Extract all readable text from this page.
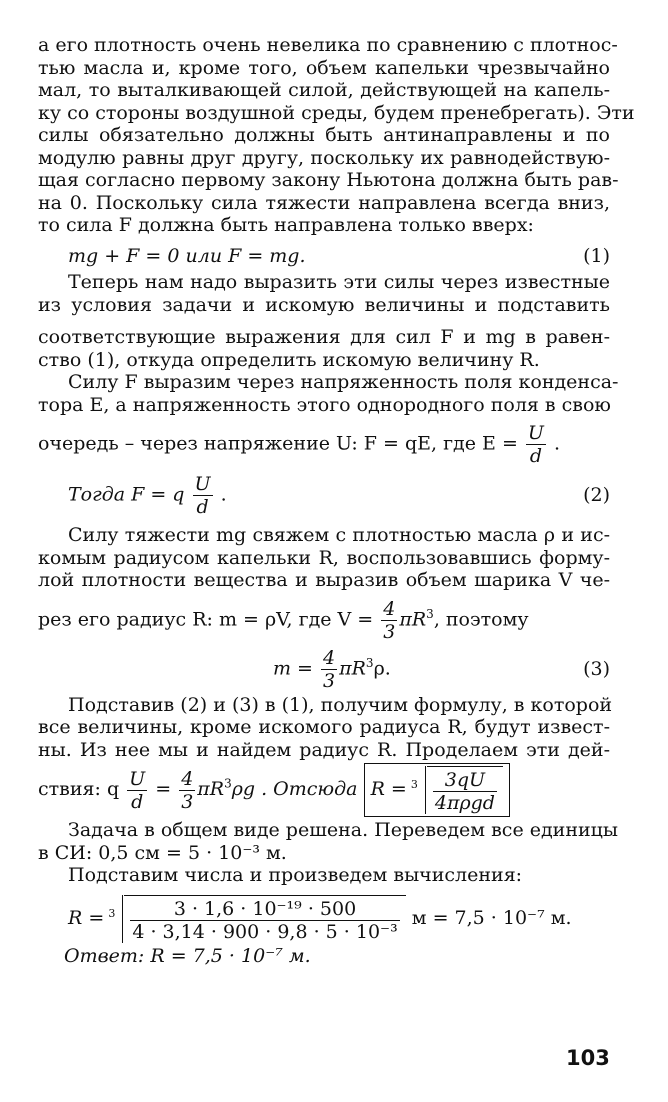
а его плотность очень невелика по сравнению с плотнос-
тью масла и, кроме того, объем капельки чрезвычайно
мал, то выталкивающей силой, действующей на капель-
ку со стороны воздушной среды, будем пренебрегать). Эти
силы обязательно должны быть антинаправлены и по
модулю равны друг другу, поскольку их равнодействую-
щая согласно первому закону Ньютона должна быть рав-
на 0. Поскольку сила тяжести направлена всегда вниз,
то сила F должна быть направлена только вверх:
mg + F = 0 или F = mg.	(1)
Теперь нам надо выразить эти силы через известные
из условия задачи и искомую величины и подставить
соответствующие выражения для сил F и mg в равен-
ство (1), откуда определить искомую величину R.
Силу F выразим через напряженность поля конденса-
тора E, а напряженность этого однородного поля в свою
очередь – через напряжение U: F = qE, где $E = \frac{U}{d}$ .
Тогда F = q $\frac{U}{d}$ .	(2)
Силу тяжести mg свяжем с плотностью масла ρ и ис-
комым радиусом капельки R, воспользовавшись форму-
лой плотности вещества и выразив объем шарика V че-
рез его радиус R: m = ρV, где $V = \frac{4}{3} \pi R^3$, поэтому
$m = \frac{4}{3} \pi R^3\rho$.	(3)
Подставив (2) и (3) в (1), получим формулу, в которой
все величины, кроме искомого радиуса R, будут извест-
ны. Из нее мы и найдем радиус R. Проделаем эти дей-
ствия: q $\frac{U}{d} = \frac{4}{3} \pi R^3\rho g$ . Отсюда R =
$3 \frac{3qU}{\text{4πρgd}}$
Задача в общем виде решена. Переведем все единицы
в СИ: 0,5 см = 5 · 10⁻³ м.
Подставим числа и произведем вычисления:
R =
$3 \frac{\text{3 · 1,6 · 10⁻¹⁹ · 500}}{\text{4 · 3,14 · 900 · 9,8 · 5 · 10⁻³}}$ м = 7,5 · 10⁻⁷ м.
Ответ: R = 7,5 · 10⁻⁷ м.
103
